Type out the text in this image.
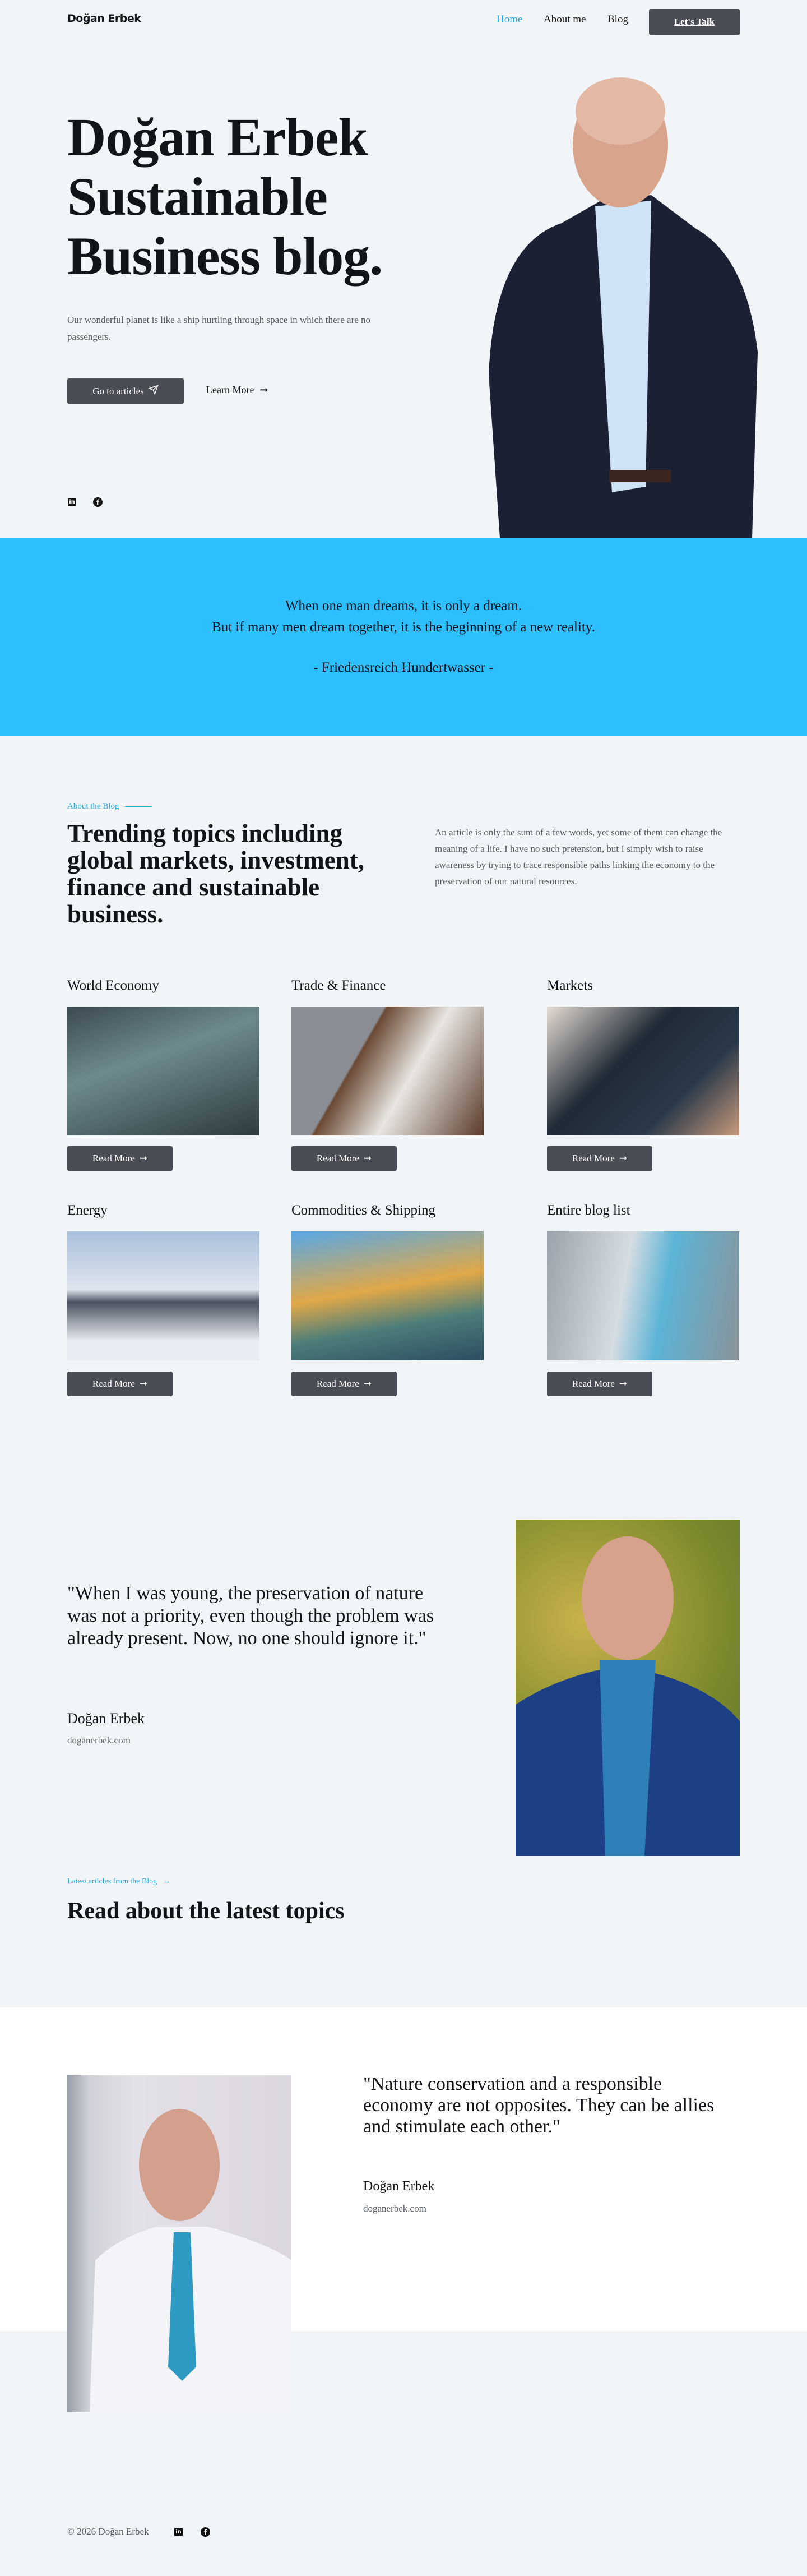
Doğan Erbek	Home About me Blog	Let's Talk
Doğan Erbek
Sustainable
Business blog.

Our wonderful planet is like a ship hurtling through space in which there are no passengers.

Go to articles	Learn More ➞
in	f

When one man dreams, it is only a dream.

But if many men dream together, it is the beginning of a new reality.

- Friedensreich Hundertwasser -

About the Blog
Trending topics including global markets, investment, finance and sustainable business.

An article is only the sum of a few words, yet some of them can change the meaning of a life. I have no such pretension, but I simply wish to raise awareness by trying to trace responsible paths linking the economy to the preservation of our natural resources.

World Economy
Read More ➞
Trade & Finance
Read More ➞
Markets
Read More ➞
Energy
Read More ➞
Commodities & Shipping
Read More ➞
Entire blog list
Read More ➞

"When I was young, the preservation of nature was not a priority, even though the problem was already present. Now, no one should ignore it."

Doğan Erbek
doganerbek.com
Latest articles from the Blog →
Read about the latest topics

"Nature conservation and a responsible economy are not opposites. They can be allies and stimulate each other."

Doğan Erbek
doganerbek.com
© 2026 Doğan Erbek	in	f
